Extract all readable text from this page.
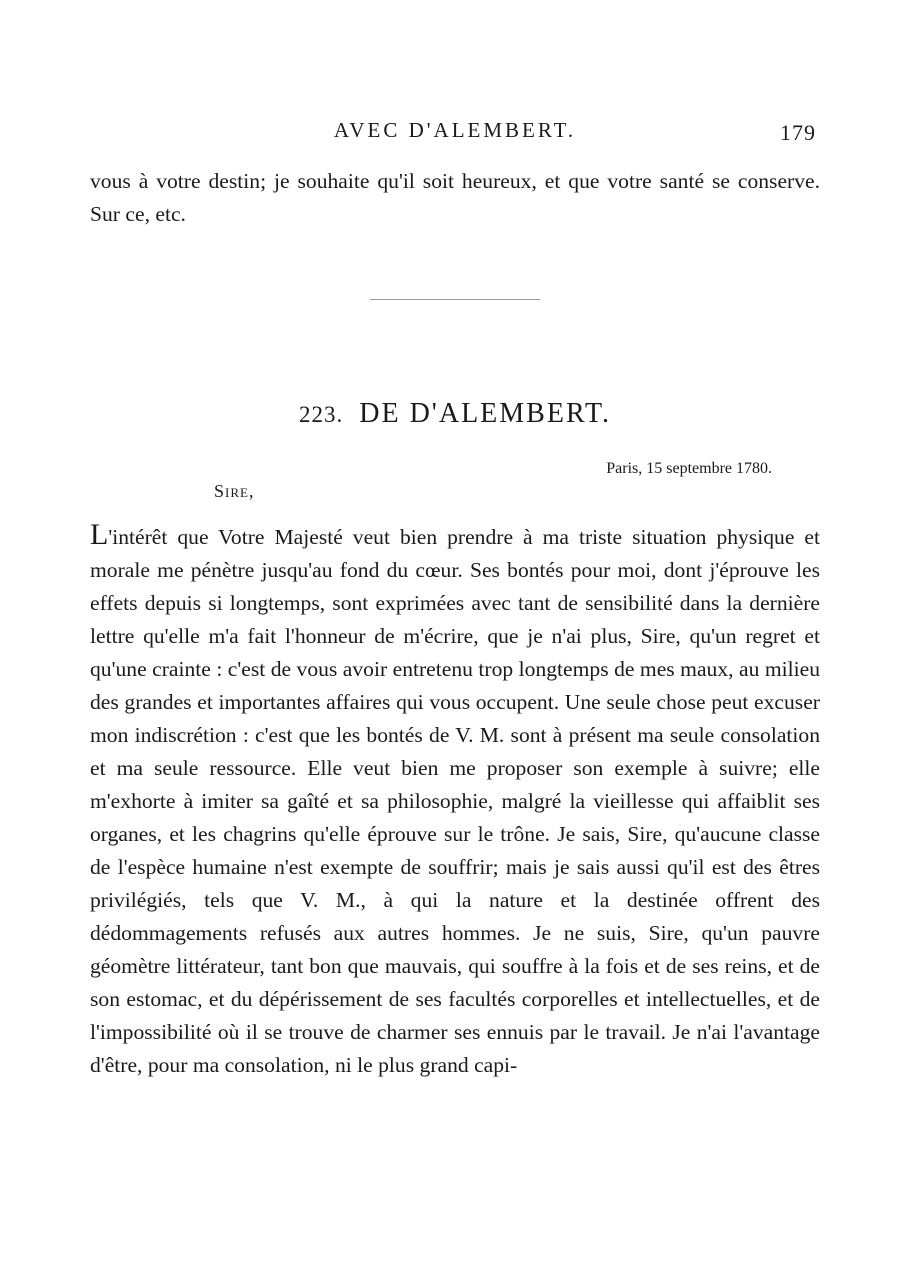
AVEC D'ALEMBERT.	179
vous à votre destin; je souhaite qu'il soit heureux, et que votre santé se conserve. Sur ce, etc.
223. DE D'ALEMBERT.
Paris, 15 septembre 1780.
Sire,
L'intérêt que Votre Majesté veut bien prendre à ma triste situation physique et morale me pénètre jusqu'au fond du cœur. Ses bontés pour moi, dont j'éprouve les effets depuis si longtemps, sont exprimées avec tant de sensibilité dans la dernière lettre qu'elle m'a fait l'honneur de m'écrire, que je n'ai plus, Sire, qu'un regret et qu'une crainte : c'est de vous avoir entretenu trop longtemps de mes maux, au milieu des grandes et importantes affaires qui vous occupent. Une seule chose peut excuser mon indiscrétion : c'est que les bontés de V. M. sont à présent ma seule consolation et ma seule ressource. Elle veut bien me proposer son exemple à suivre; elle m'exhorte à imiter sa gaîté et sa philosophie, malgré la vieillesse qui affaiblit ses organes, et les chagrins qu'elle éprouve sur le trône. Je sais, Sire, qu'aucune classe de l'espèce humaine n'est exempte de souffrir; mais je sais aussi qu'il est des êtres privilégiés, tels que V. M., à qui la nature et la destinée offrent des dédommagements refusés aux autres hommes. Je ne suis, Sire, qu'un pauvre géomètre littérateur, tant bon que mauvais, qui souffre à la fois et de ses reins, et de son estomac, et du dépérissement de ses facultés corporelles et intellectuelles, et de l'impossibilité où il se trouve de charmer ses ennuis par le travail. Je n'ai l'avantage d'être, pour ma consolation, ni le plus grand capi-
